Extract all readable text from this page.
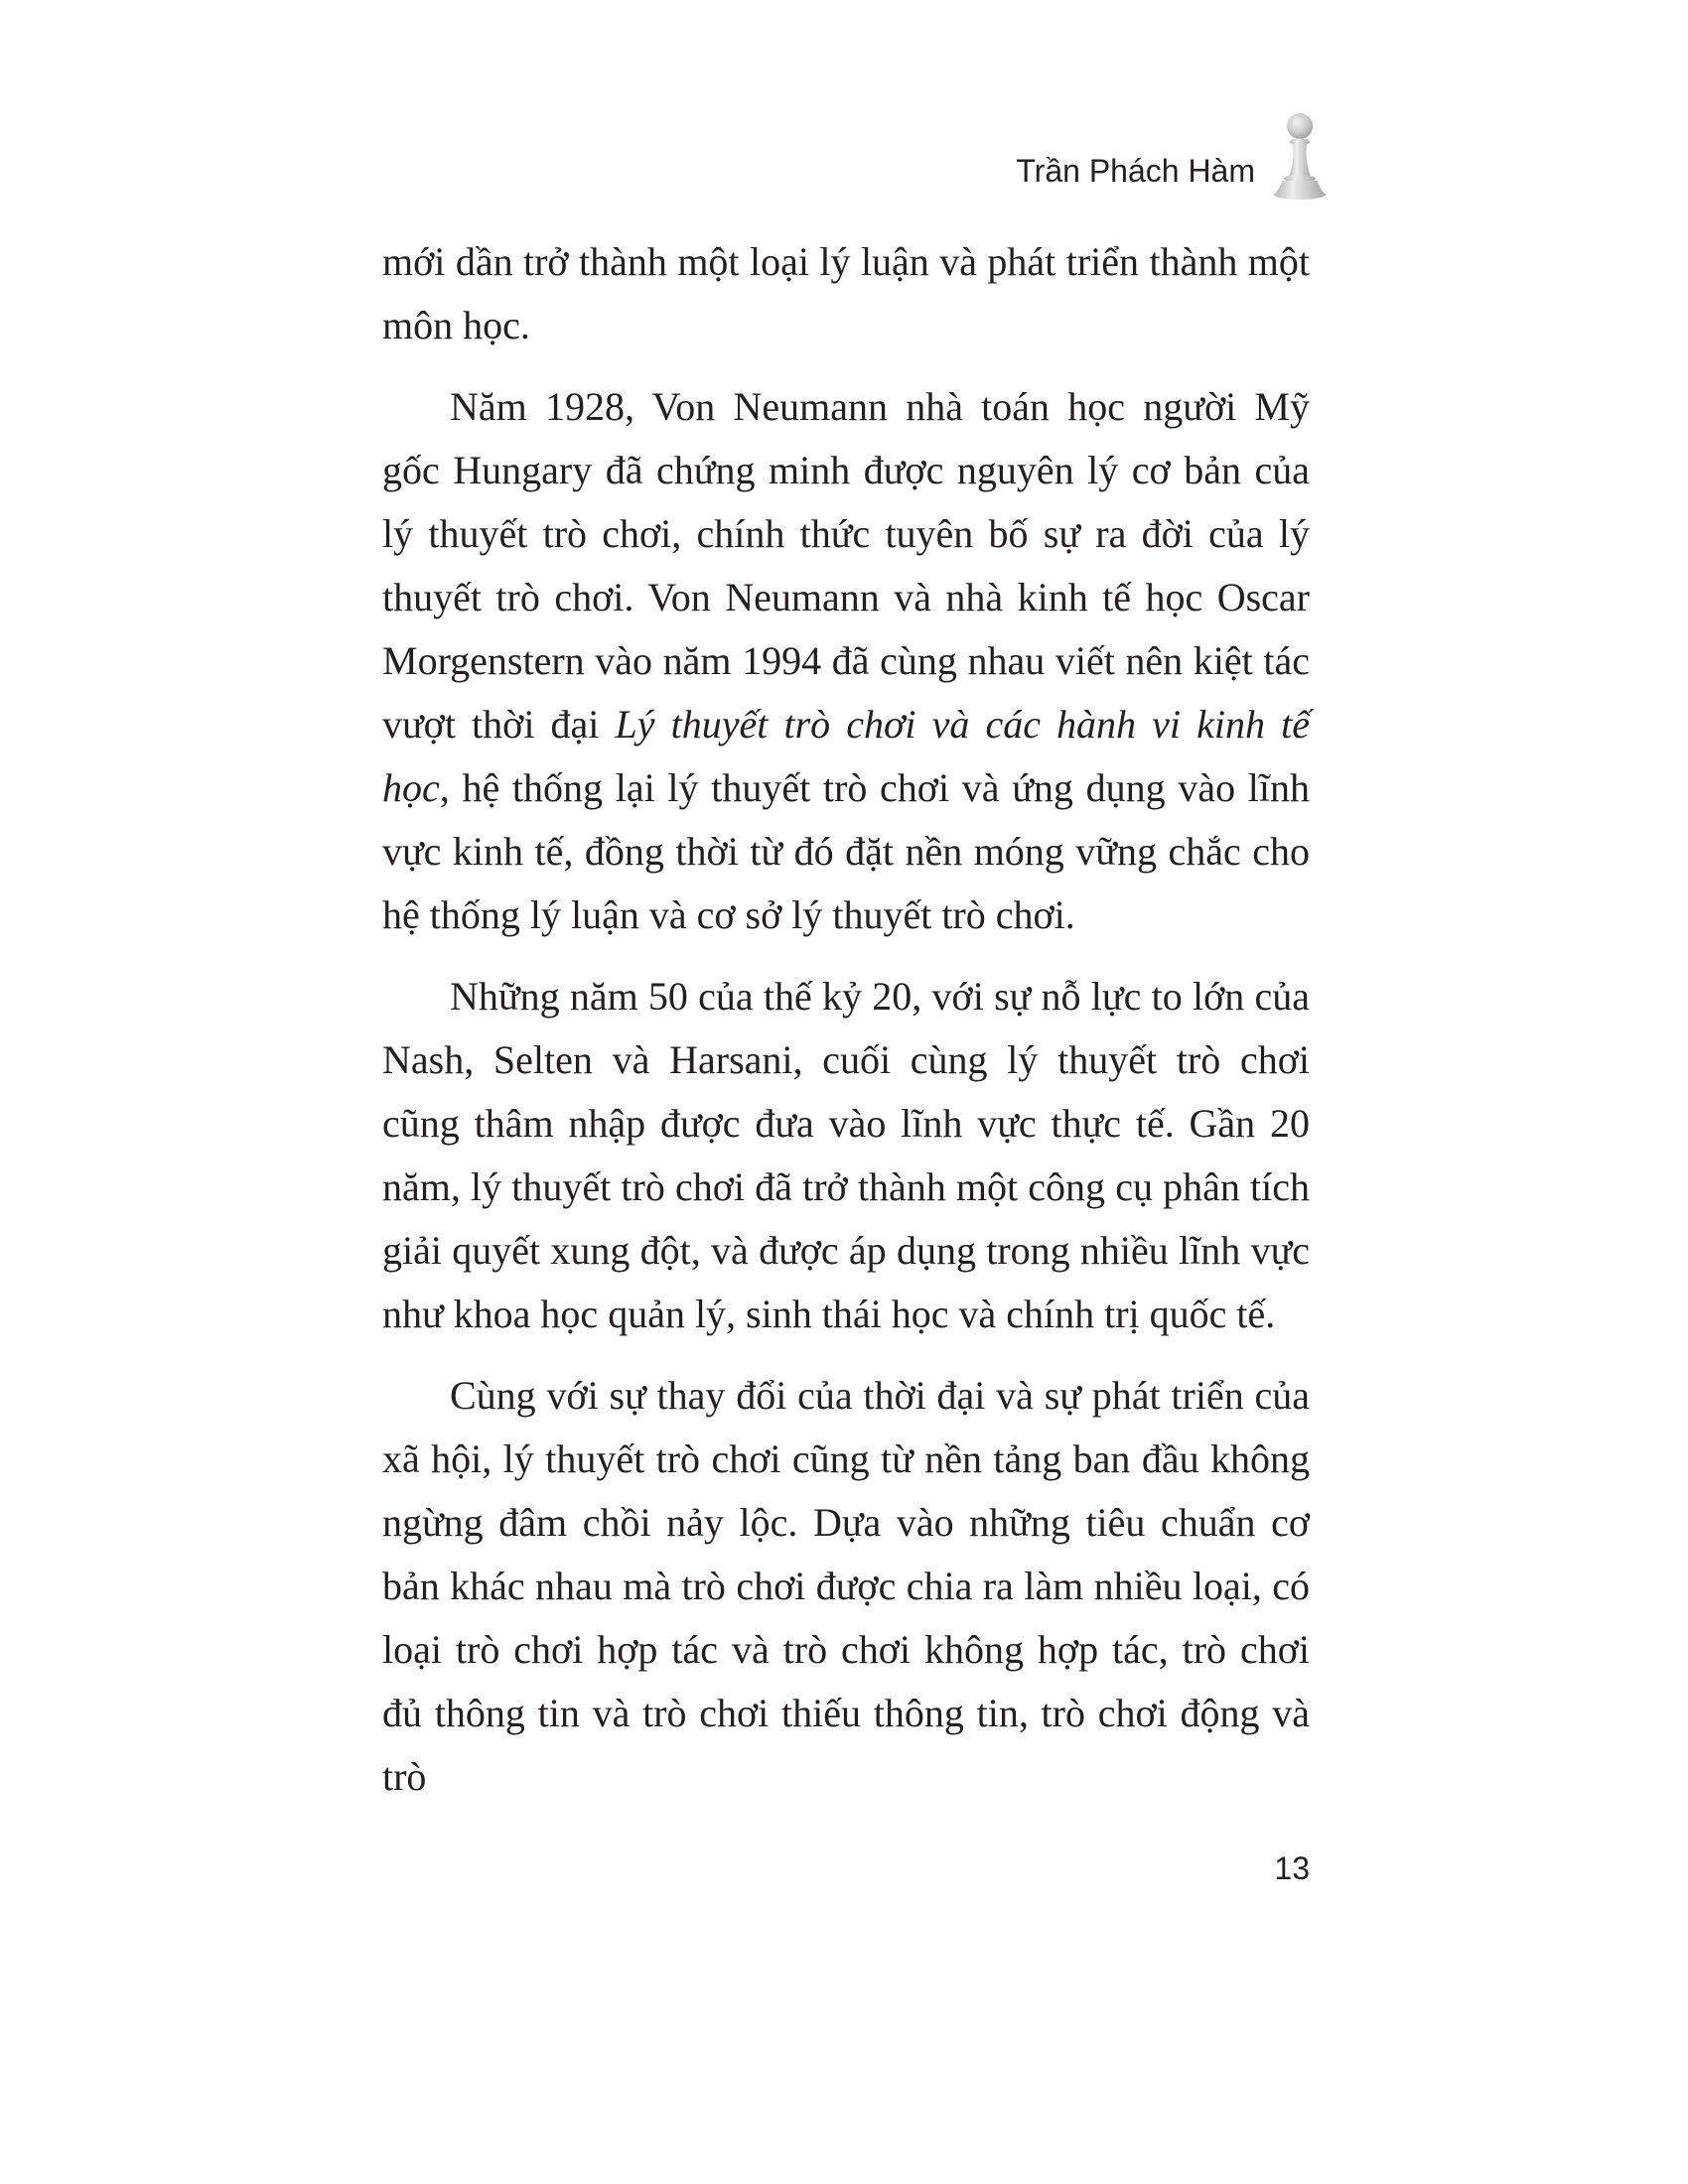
Trần Phách Hàm

mới dần trở thành một loại lý luận và phát triển thành một môn học.

Năm 1928, Von Neumann nhà toán học người Mỹ gốc Hungary đã chứng minh được nguyên lý cơ bản của lý thuyết trò chơi, chính thức tuyên bố sự ra đời của lý thuyết trò chơi. Von Neumann và nhà kinh tế học Oscar Morgenstern vào năm 1994 đã cùng nhau viết nên kiệt tác vượt thời đại Lý thuyết trò chơi và các hành vi kinh tế học, hệ thống lại lý thuyết trò chơi và ứng dụng vào lĩnh vực kinh tế, đồng thời từ đó đặt nền móng vững chắc cho hệ thống lý luận và cơ sở lý thuyết trò chơi.

Những năm 50 của thế kỷ 20, với sự nỗ lực to lớn của Nash, Selten và Harsani, cuối cùng lý thuyết trò chơi cũng thâm nhập được đưa vào lĩnh vực thực tế. Gần 20 năm, lý thuyết trò chơi đã trở thành một công cụ phân tích giải quyết xung đột, và được áp dụng trong nhiều lĩnh vực như khoa học quản lý, sinh thái học và chính trị quốc tế.

Cùng với sự thay đổi của thời đại và sự phát triển của xã hội, lý thuyết trò chơi cũng từ nền tảng ban đầu không ngừng đâm chồi nảy lộc. Dựa vào những tiêu chuẩn cơ bản khác nhau mà trò chơi được chia ra làm nhiều loại, có loại trò chơi hợp tác và trò chơi không hợp tác, trò chơi đủ thông tin và trò chơi thiếu thông tin, trò chơi động và trò

13
